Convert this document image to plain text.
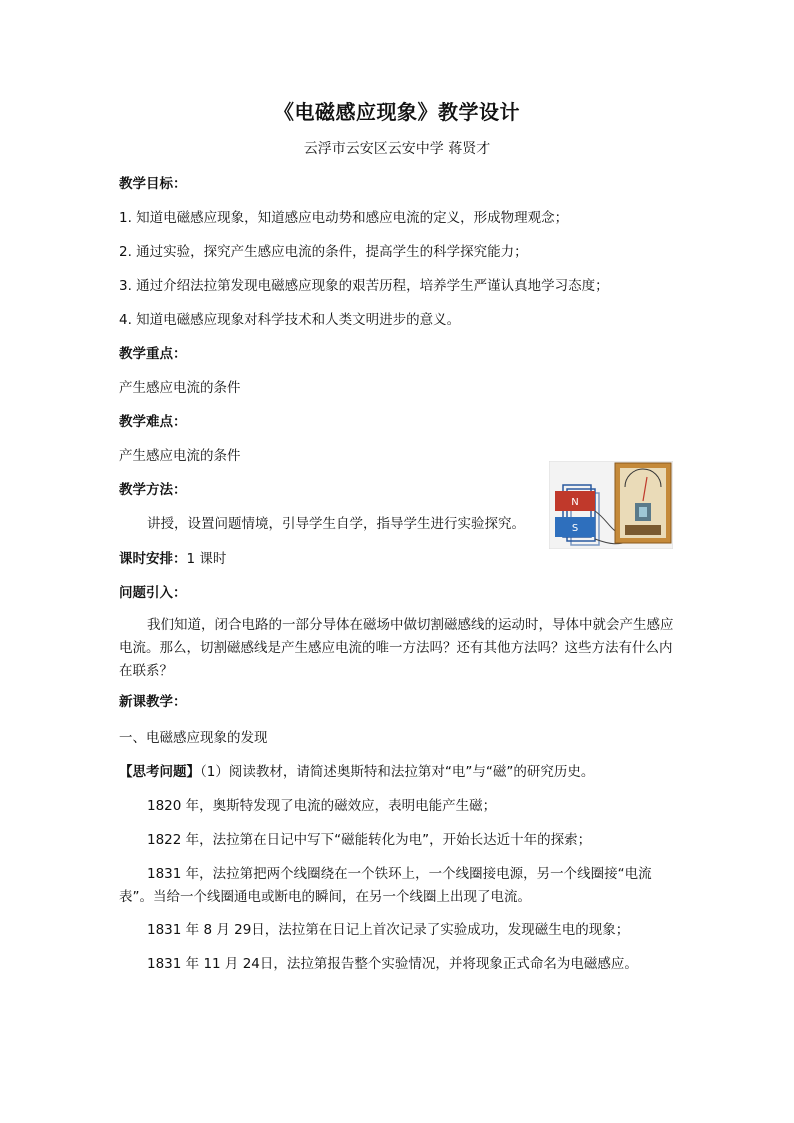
《电磁感应现象》教学设计
云浮市云安区云安中学 蒋贤才
教学目标：
1. 知道电磁感应现象，知道感应电动势和感应电流的定义，形成物理观念；
2. 通过实验，探究产生感应电流的条件，提高学生的科学探究能力；
3. 通过介绍法拉第发现电磁感应现象的艰苦历程，培养学生严谨认真地学习态度；
4. 知道电磁感应现象对科学技术和人类文明进步的意义。
教学重点：
产生感应电流的条件
教学难点：
产生感应电流的条件
教学方法：
讲授，设置问题情境，引导学生自学，指导学生进行实验探究。
课时安排：1 课时
问题引入：
我们知道，闭合电路的一部分导体在磁场中做切割磁感线的运动时，导体中就会产生感应电流。那么，切割磁感线是产生感应电流的唯一方法吗？还有其他方法吗？这些方法有什么内在联系？
新课教学：
一、电磁感应现象的发现
【思考问题】（1）阅读教材，请简述奥斯特和法拉第对“电”与“磁”的研究历史。
1820 年，奥斯特发现了电流的磁效应，表明电能产生磁；
1822 年，法拉第在日记中写下“磁能转化为电”，开始长达近十年的探索；
1831 年，法拉第把两个线圈绕在一个铁环上，一个线圈接电源，另一个线圈接“电流表”。当给一个线圈通电或断电的瞬间，在另一个线圈上出现了电流。
1831 年 8 月 29日，法拉第在日记上首次记录了实验成功，发现磁生电的现象；
1831 年 11 月 24日，法拉第报告整个实验情况，并将现象正式命名为电磁感应。
N
S
